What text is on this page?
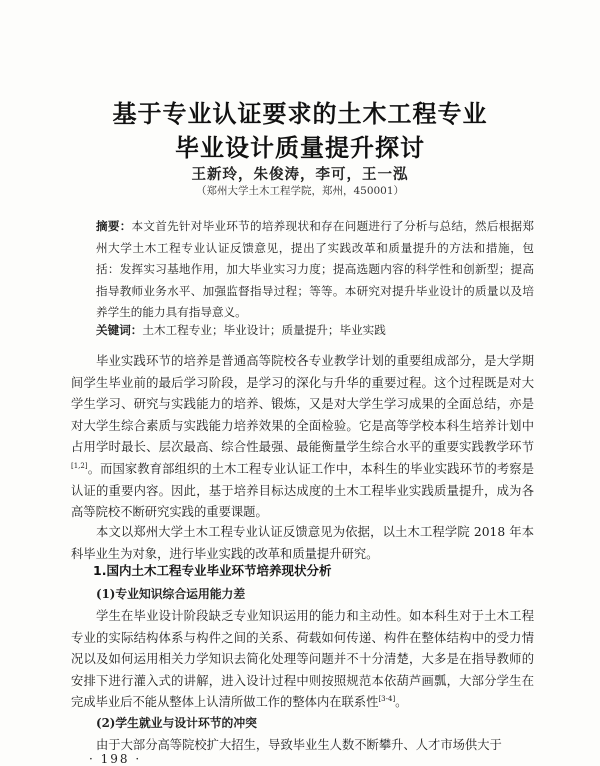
基于专业认证要求的土木工程专业
毕业设计质量提升探讨
王新玲，朱俊涛，李可，王一泓
（郑州大学土木工程学院，郑州，450001）
摘要：本文首先针对毕业环节的培养现状和存在问题进行了分析与总结，然后根据郑州大学土木工程专业认证反馈意见，提出了实践改革和质量提升的方法和措施，包括：发挥实习基地作用，加大毕业实习力度；提高选题内容的科学性和创新型；提高指导教师业务水平、加强监督指导过程；等等。本研究对提升毕业设计的质量以及培养学生的能力具有指导意义。
关键词：土木工程专业；毕业设计；质量提升；毕业实践
毕业实践环节的培养是普通高等院校各专业教学计划的重要组成部分，是大学期间学生毕业前的最后学习阶段，是学习的深化与升华的重要过程。这个过程既是对大学生学习、研究与实践能力的培养、锻炼，又是对大学生学习成果的全面总结，亦是对大学生综合素质与实践能力培养效果的全面检验。它是高等学校本科生培养计划中占用学时最长、层次最高、综合性最强、最能衡量学生综合水平的重要实践教学环节[1,2]。而国家教育部组织的土木工程专业认证工作中，本科生的毕业实践环节的考察是认证的重要内容。因此，基于培养目标达成度的土木工程毕业实践质量提升，成为各高等院校不断研究实践的重要课题。
本文以郑州大学土木工程专业认证反馈意见为依据，以土木工程学院 2018 年本科毕业生为对象，进行毕业实践的改革和质量提升研究。
1.国内土木工程专业毕业环节培养现状分析
(1)专业知识综合运用能力差
学生在毕业设计阶段缺乏专业知识运用的能力和主动性。如本科生对于土木工程专业的实际结构体系与构件之间的关系、荷载如何传递、构件在整体结构中的受力情况以及如何运用相关力学知识去简化处理等问题并不十分清楚，大多是在指导教师的安排下进行灌入式的讲解，进入设计过程中则按照规范本依葫芦画瓢，大部分学生在完成毕业后不能从整体上认清所做工作的整体内在联系性[3-4]。
(2)学生就业与设计环节的冲突
由于大部分高等院校扩大招生，导致毕业生人数不断攀升、人才市场供大于
· 198 ·
